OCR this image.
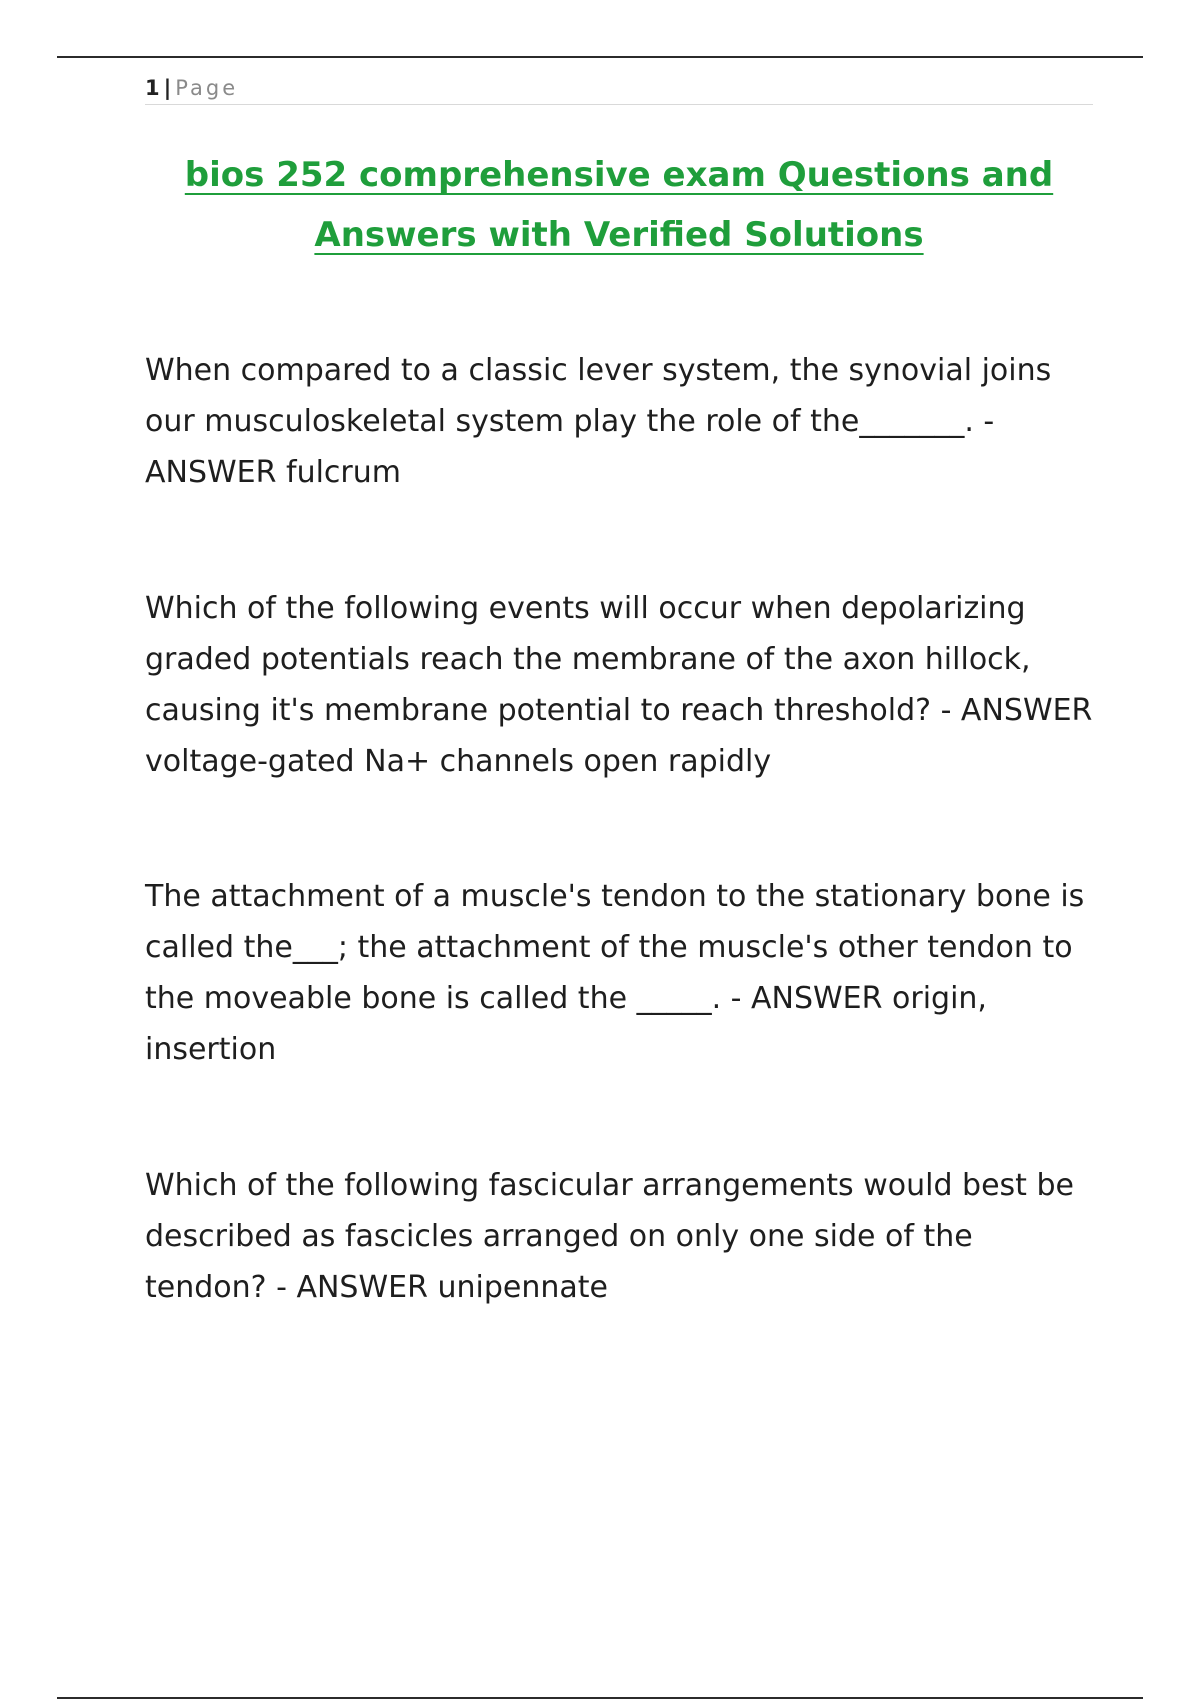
1 | Page
bios 252 comprehensive exam Questions and
Answers with Verified Solutions
When compared to a classic lever system, the synovial joins our musculoskeletal system play the role of the_______. - ANSWER fulcrum
Which of the following events will occur when depolarizing graded potentials reach the membrane of the axon hillock, causing it's membrane potential to reach threshold? - ANSWER voltage-gated Na+ channels open rapidly
The attachment of a muscle's tendon to the stationary bone is called the___; the attachment of the muscle's other tendon to the moveable bone is called the _____. - ANSWER origin, insertion
Which of the following fascicular arrangements would best be described as fascicles arranged on only one side of the tendon? - ANSWER unipennate
